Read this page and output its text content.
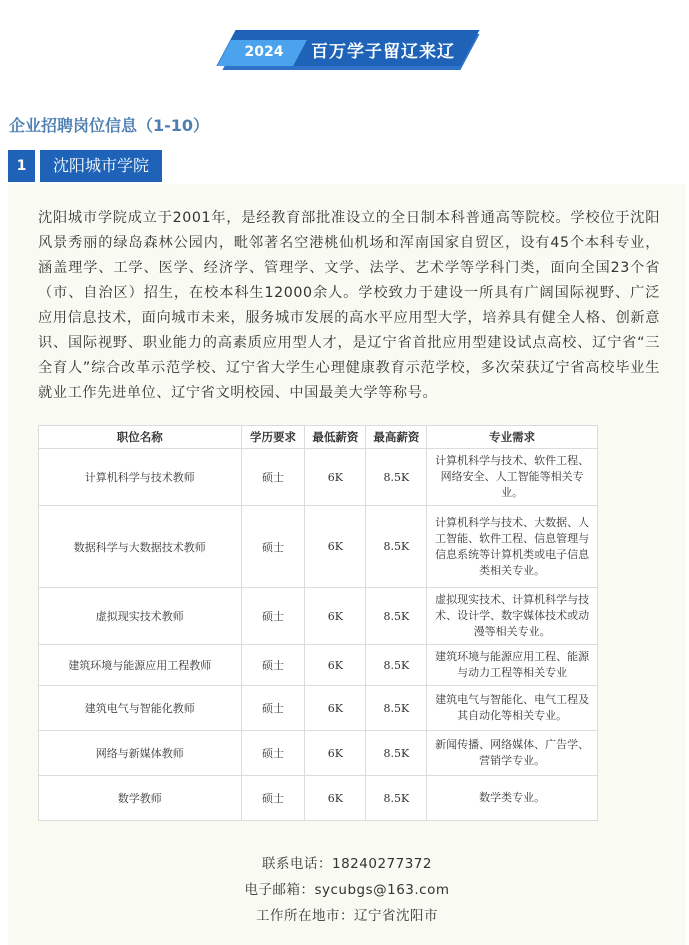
2024	百万学子留辽来辽
企业招聘岗位信息（1-10）
1	沈阳城市学院
沈阳城市学院成立于2001年，是经教育部批准设立的全日制本科普通高等院校。学校位于沈阳风景秀丽的绿岛森林公园内，毗邻著名空港桃仙机场和浑南国家自贸区，设有45个本科专业，涵盖理学、工学、医学、经济学、管理学、文学、法学、艺术学等学科门类，面向全国23个省（市、自治区）招生，在校本科生12000余人。学校致力于建设一所具有广阔国际视野、广泛应用信息技术，面向城市未来，服务城市发展的高水平应用型大学，培养具有健全人格、创新意识、国际视野、职业能力的高素质应用型人才，是辽宁省首批应用型建设试点高校、辽宁省“三全育人”综合改革示范学校、辽宁省大学生心理健康教育示范学校，多次荣获辽宁省高校毕业生就业工作先进单位、辽宁省文明校园、中国最美大学等称号。
职位名称	学历要求	最低薪资	最高薪资	专业需求
计算机科学与技术教师	硕士	6K	8.5K	计算机科学与技术、软件工程、网络安全、人工智能等相关专业。
数据科学与大数据技术教师	硕士	6K	8.5K	计算机科学与技术、大数据、人工智能、软件工程、信息管理与信息系统等计算机类或电子信息类相关专业。
虚拟现实技术教师	硕士	6K	8.5K	虚拟现实技术、计算机科学与技术、设计学、数字媒体技术或动漫等相关专业。
建筑环境与能源应用工程教师	硕士	6K	8.5K	建筑环境与能源应用工程、能源与动力工程等相关专业
建筑电气与智能化教师	硕士	6K	8.5K	建筑电气与智能化、电气工程及其自动化等相关专业。
网络与新媒体教师	硕士	6K	8.5K	新闻传播、网络媒体、广告学、营销学专业。
数学教师	硕士	6K	8.5K	数学类专业。
联系电话：18240277372
电子邮箱：sycubgs@163.com
工作所在地市：辽宁省沈阳市
